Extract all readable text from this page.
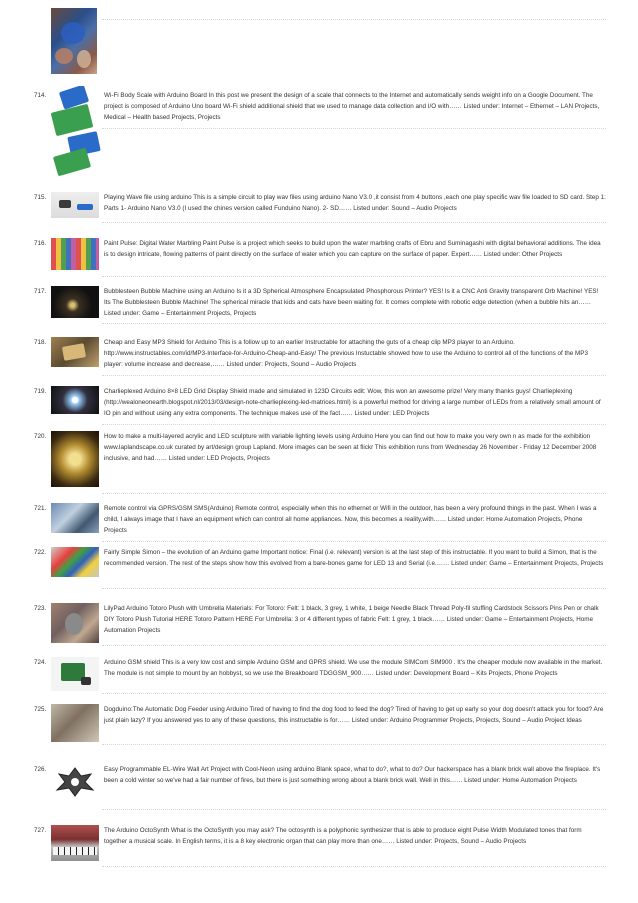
714.	Wi-Fi Body Scale with Arduino Board In this post we present the design of a scale that connects to the Internet and automatically sends weight info on a Google Document. The project is composed of Arduino Uno board Wi-Fi shield additional shield that we used to manage data collection and I/O with…… Listed under: Internet – Ethernet – LAN Projects, Medical – Health based Projects, Projects

715.	Playing Wave file using arduino This is a simple circuit to play wav files using arduino Nano V3.0 ,it consist from 4 buttons ,each one play specific wav file loaded to SD card. Step 1: Parts 1- Arduino Nano V3.0 (I used the chines version called Funduino Nano). 2- SD…… Listed under: Sound – Audio Projects

716.	Paint Pulse: Digital Water Marbling Paint Pulse is a project which seeks to build upon the water marbling crafts of Ebru and Suminagashi with digital behavioral additions. The idea is to design intricate, flowing patterns of paint directly on the surface of water which you can capture on the surface of paper. Expert…… Listed under: Other Projects

717.	Bubblesteen Bubble Machine using an Arduino Is it a 3D Spherical Atmosphere Encapsulated Phosphorous Printer? YES! Is it a CNC Anti Gravity transparent Orb Machine! YES! Its The Bubblesteen Bubble Machine! The spherical miracle that kids and cats have been waiting for. It comes complete with robotic edge detection (when a bubble hits an…… Listed under: Game – Entertainment Projects, Projects

718.	Cheap and Easy MP3 Shield for Arduino This is a follow up to an earlier Instructable for attaching the guts of a cheap clip MP3 player to an Arduino. http://www.instructables.com/id/MP3-Interface-for-Arduino-Cheap-and-Easy/ The previous Instuctable showed how to use the Arduino to control all of the functions of the MP3 player: volume increase and decrease,…… Listed under: Projects, Sound – Audio Projects

719.	Charlieplexed Arduino 8×8 LED Grid Display Shield made and simulated in 123D Circuits edit: Wow, this won an awesome prize! Very many thanks guys! Charlieplexing (http://wealoneonearth.blogspot.nl/2013/03/design-note-charlieplexing-led-matrices.html) is a powerful method for driving a large number of LEDs from a relatively small amount of IO pin and without using any extra components. The technique makes use of the fact…… Listed under: LED Projects

720.	How to make a multi-layered acrylic and LED sculpture with variable lighting levels using Arduino Here you can find out how to make you very own n as made for the exhibition www.laplandscape.co.uk curated by art/design group Lapland. More images can be seen at flickr This exhibition runs from Wednesday 26 November - Friday 12 December 2008 inclusive, and had…… Listed under: LED Projects, Projects

721.	Remote control via GPRS/GSM SMS(Arduino) Remote control, especially when this no ethernet or Wifi in the outdoor, has been a very profound things in the past. When I was a child, I always image that I have an equipment which can control all home appliances. Now, this becomes a reality,with…… Listed under: Home Automation Projects, Phone Projects

722.	Fairly Simple Simon – the evolution of an Arduino game Important notice: Final (i.e. relevant) version is at the last step of this instructable. If you want to build a Simon, that is the recommended version. The rest of the steps show how this evolved from a bare-bones game for LED 13 and Serial (i.e.…… Listed under: Game – Entertainment Projects, Projects

723.	LilyPad Arduino Totoro Plush with Umbrella Materials: For Totoro: Felt: 1 black, 3 grey, 1 white, 1 beige Needle Black Thread Poly-fil stuffing Cardstock Scissors Pins Pen or chalk DIY Totoro Plush Tutorial HERE Totoro Pattern HERE For Umbrella: 3 or 4 different types of fabric Felt: 1 grey, 1 black…… Listed under: Game – Entertainment Projects, Home Automation Projects

724.	Arduino GSM shield This is a very low cost and simple Arduino GSM and GPRS shield. We use the module SIMCom SIM900 . It's the cheaper module now available in the market. The module is not simple to mount by an hobbyst, so we use the Breakboard TDGGSM_900…… Listed under: Development Board – Kits Projects, Phone Projects

725.	Dogduino:The Automatic Dog Feeder using Arduino Tired of having to find the dog food to feed the dog? Tired of having to get up early so your dog doesn't attack you for food? Are just plain lazy? If you answered yes to any of these questions, this instructable is for…… Listed under: Arduino Programmer Projects, Projects, Sound – Audio Project Ideas

726.	Easy Programmable EL-Wire Wall Art Project with Cool-Neon using arduino Blank space, what to do?, what to do? Our hackerspace has a blank brick wall above the fireplace. It's been a cold winter so we've had a fair number of fires, but there is just something wrong about a blank brick wall. Well in this…… Listed under: Home Automation Projects

727.	The Arduino OctoSynth What is the OctoSynth you may ask? The octosynth is a polyphonic synthesizer that is able to produce eight Pulse Width Modulated tones that form together a musical scale. In English terms, it is a 8 key electronic organ that can play more than one…… Listed under: Projects, Sound – Audio Projects
